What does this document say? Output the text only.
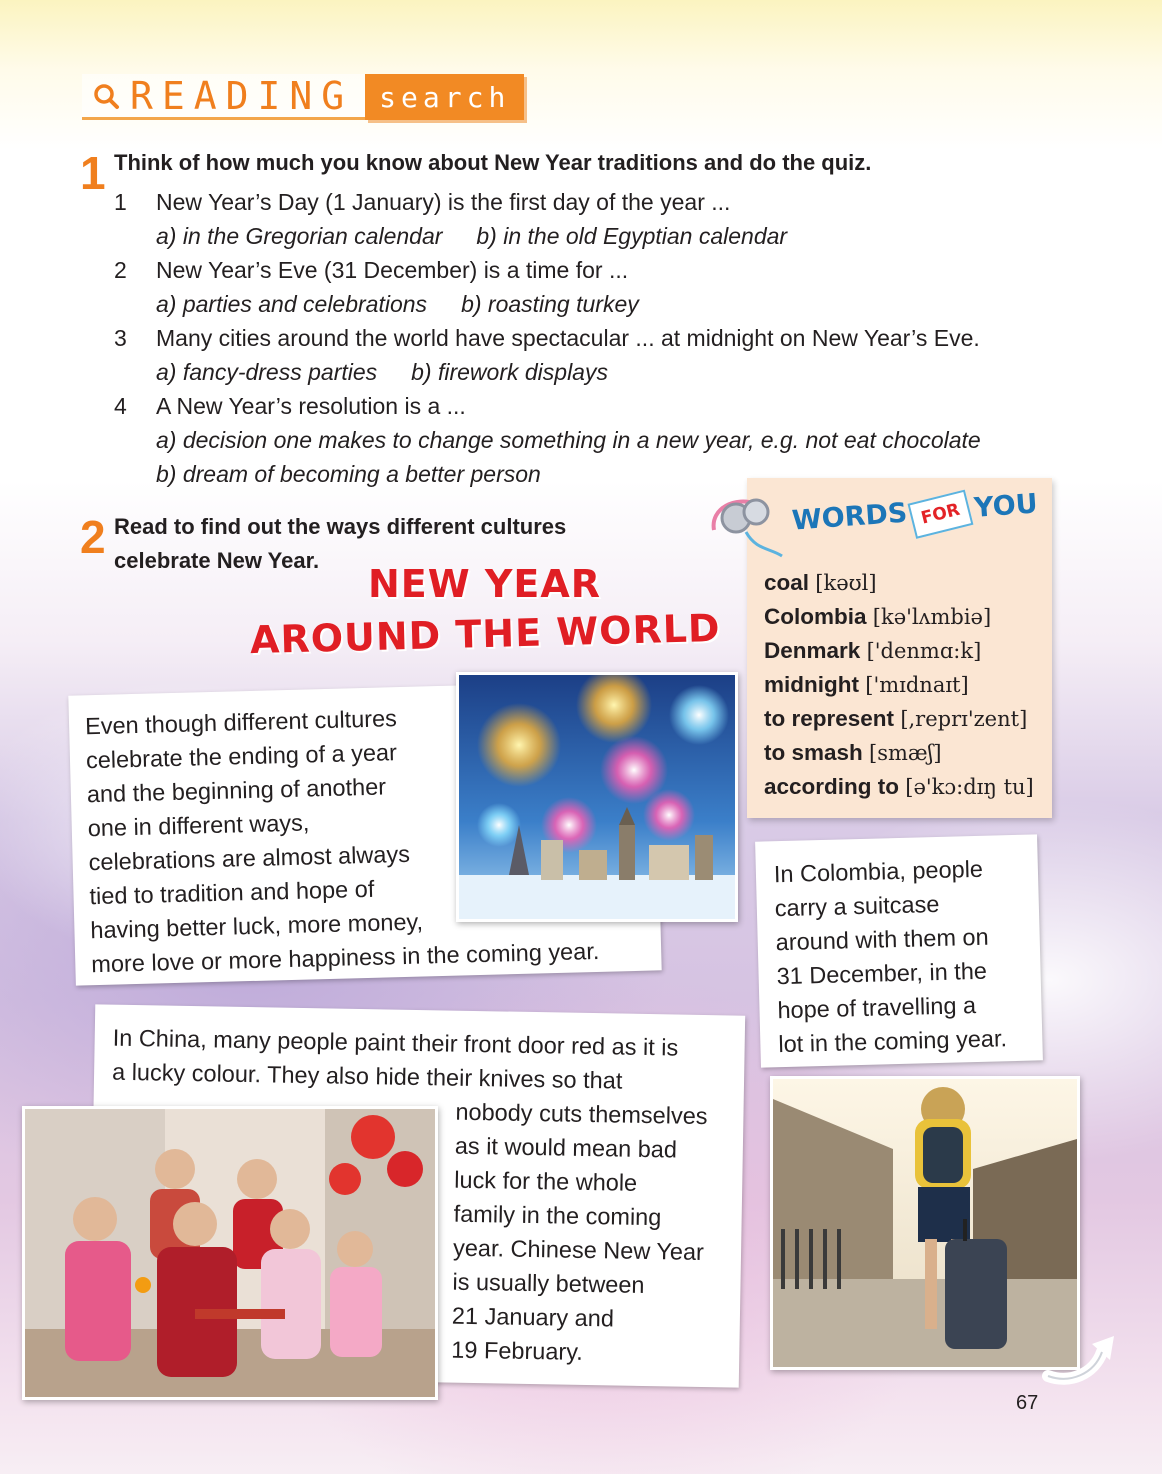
READING search
1 Think of how much you know about New Year traditions and do the quiz.
1	New Year’s Day (1 January) is the first day of the year ...
a) in the Gregorian calendar b) in the old Egyptian calendar
2	New Year’s Eve (31 December) is a time for ...
a) parties and celebrations b) roasting turkey
3	Many cities around the world have spectacular ... at midnight on New Year’s Eve.
a) fancy-dress parties b) firework displays
4	A New Year’s resolution is a ...
a) decision one makes to change something in a new year, e.g. not eat chocolate
b) dream of becoming a better person
2 Read to find out the ways different cultures
celebrate New Year.
NEW YEAR
AROUND THE WORLD
WORDS FOR YOU
coal [kəʊl]
Colombia [kə'lʌmbiə]
Denmark ['denmɑ:k]
midnight ['mɪdnaɪt]
to represent [,reprɪ'zent]
to smash [smæʃ]
according to [ə'kɔ:dɪŋ tu]
Even though different cultures
celebrate the ending of a year
and the beginning of another
one in different ways,
celebrations are almost always
tied to tradition and hope of
having better luck, more money,
more love or more happiness in the coming year.
In Colombia, people
carry a suitcase
around with them on
31 December, in the
hope of travelling a
lot in the coming year.
In China, many people paint their front door red as it is
a lucky colour. They also hide their knives so that
nobody cuts themselves
as it would mean bad
luck for the whole
family in the coming
year. Chinese New Year
is usually between
21 January and
19 February.
67
